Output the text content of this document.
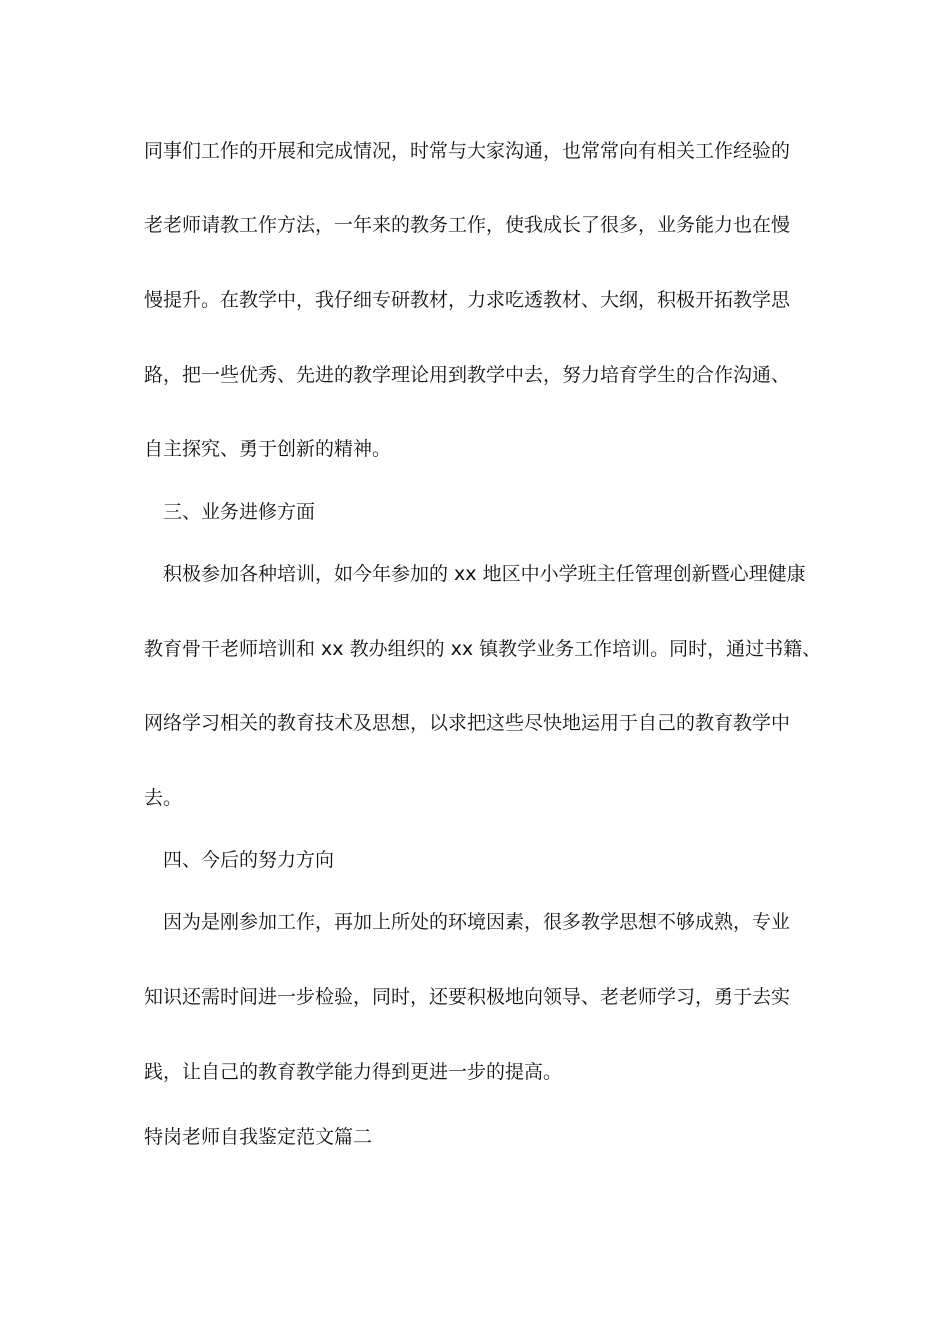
同事们工作的开展和完成情况，时常与大家沟通，也常常向有相关工作经验的

老老师请教工作方法，一年来的教务工作，使我成长了很多，业务能力也在慢

慢提升。在教学中，我仔细专研教材，力求吃透教材、大纲，积极开拓教学思

路，把一些优秀、先进的教学理论用到教学中去，努力培育学生的合作沟通、

自主探究、勇于创新的精神。

三、业务进修方面

积极参加各种培训，如今年参加的 xx 地区中小学班主任管理创新暨心理健康

教育骨干老师培训和 xx 教办组织的 xx 镇教学业务工作培训。同时，通过书籍、

网络学习相关的教育技术及思想，以求把这些尽快地运用于自己的教育教学中

去。

四、今后的努力方向

因为是刚参加工作，再加上所处的环境因素，很多教学思想不够成熟，专业

知识还需时间进一步检验，同时，还要积极地向领导、老老师学习，勇于去实

践，让自己的教育教学能力得到更进一步的提高。

特岗老师自我鉴定范文篇二
